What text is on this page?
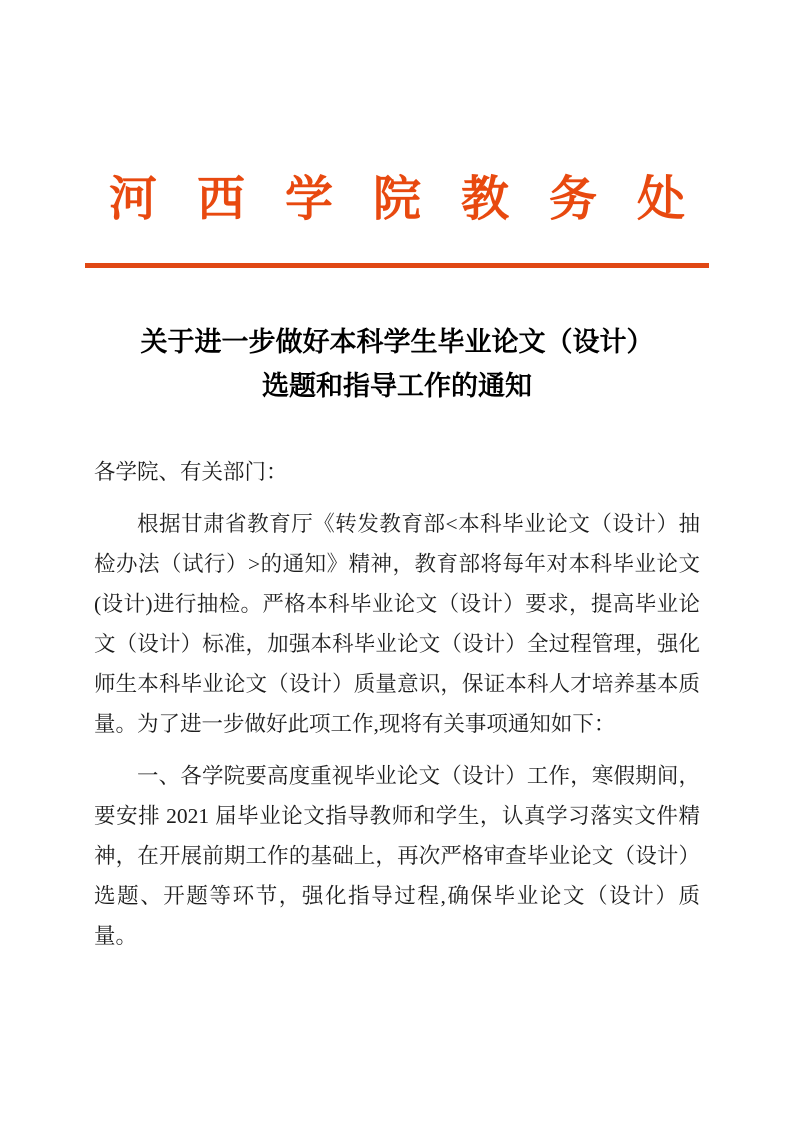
河 西 学 院 教 务 处
关于进一步做好本科学生毕业论文（设计）
选题和指导工作的通知
各学院、有关部门：
根据甘肃省教育厅《转发教育部<本科毕业论文（设计）抽
检办法（试行）>的通知》精神，教育部将每年对本科毕业论文
(设计)进行抽检。严格本科毕业论文（设计）要求，提高毕业论
文（设计）标准，加强本科毕业论文（设计）全过程管理，强化
师生本科毕业论文（设计）质量意识，保证本科人才培养基本质
量。为了进一步做好此项工作,现将有关事项通知如下：
一、各学院要高度重视毕业论文（设计）工作，寒假期间，
要安排 2021 届毕业论文指导教师和学生，认真学习落实文件精
神，在开展前期工作的基础上，再次严格审查毕业论文（设计）
选题、开题等环节，强化指导过程,确保毕业论文（设计）质
量。
